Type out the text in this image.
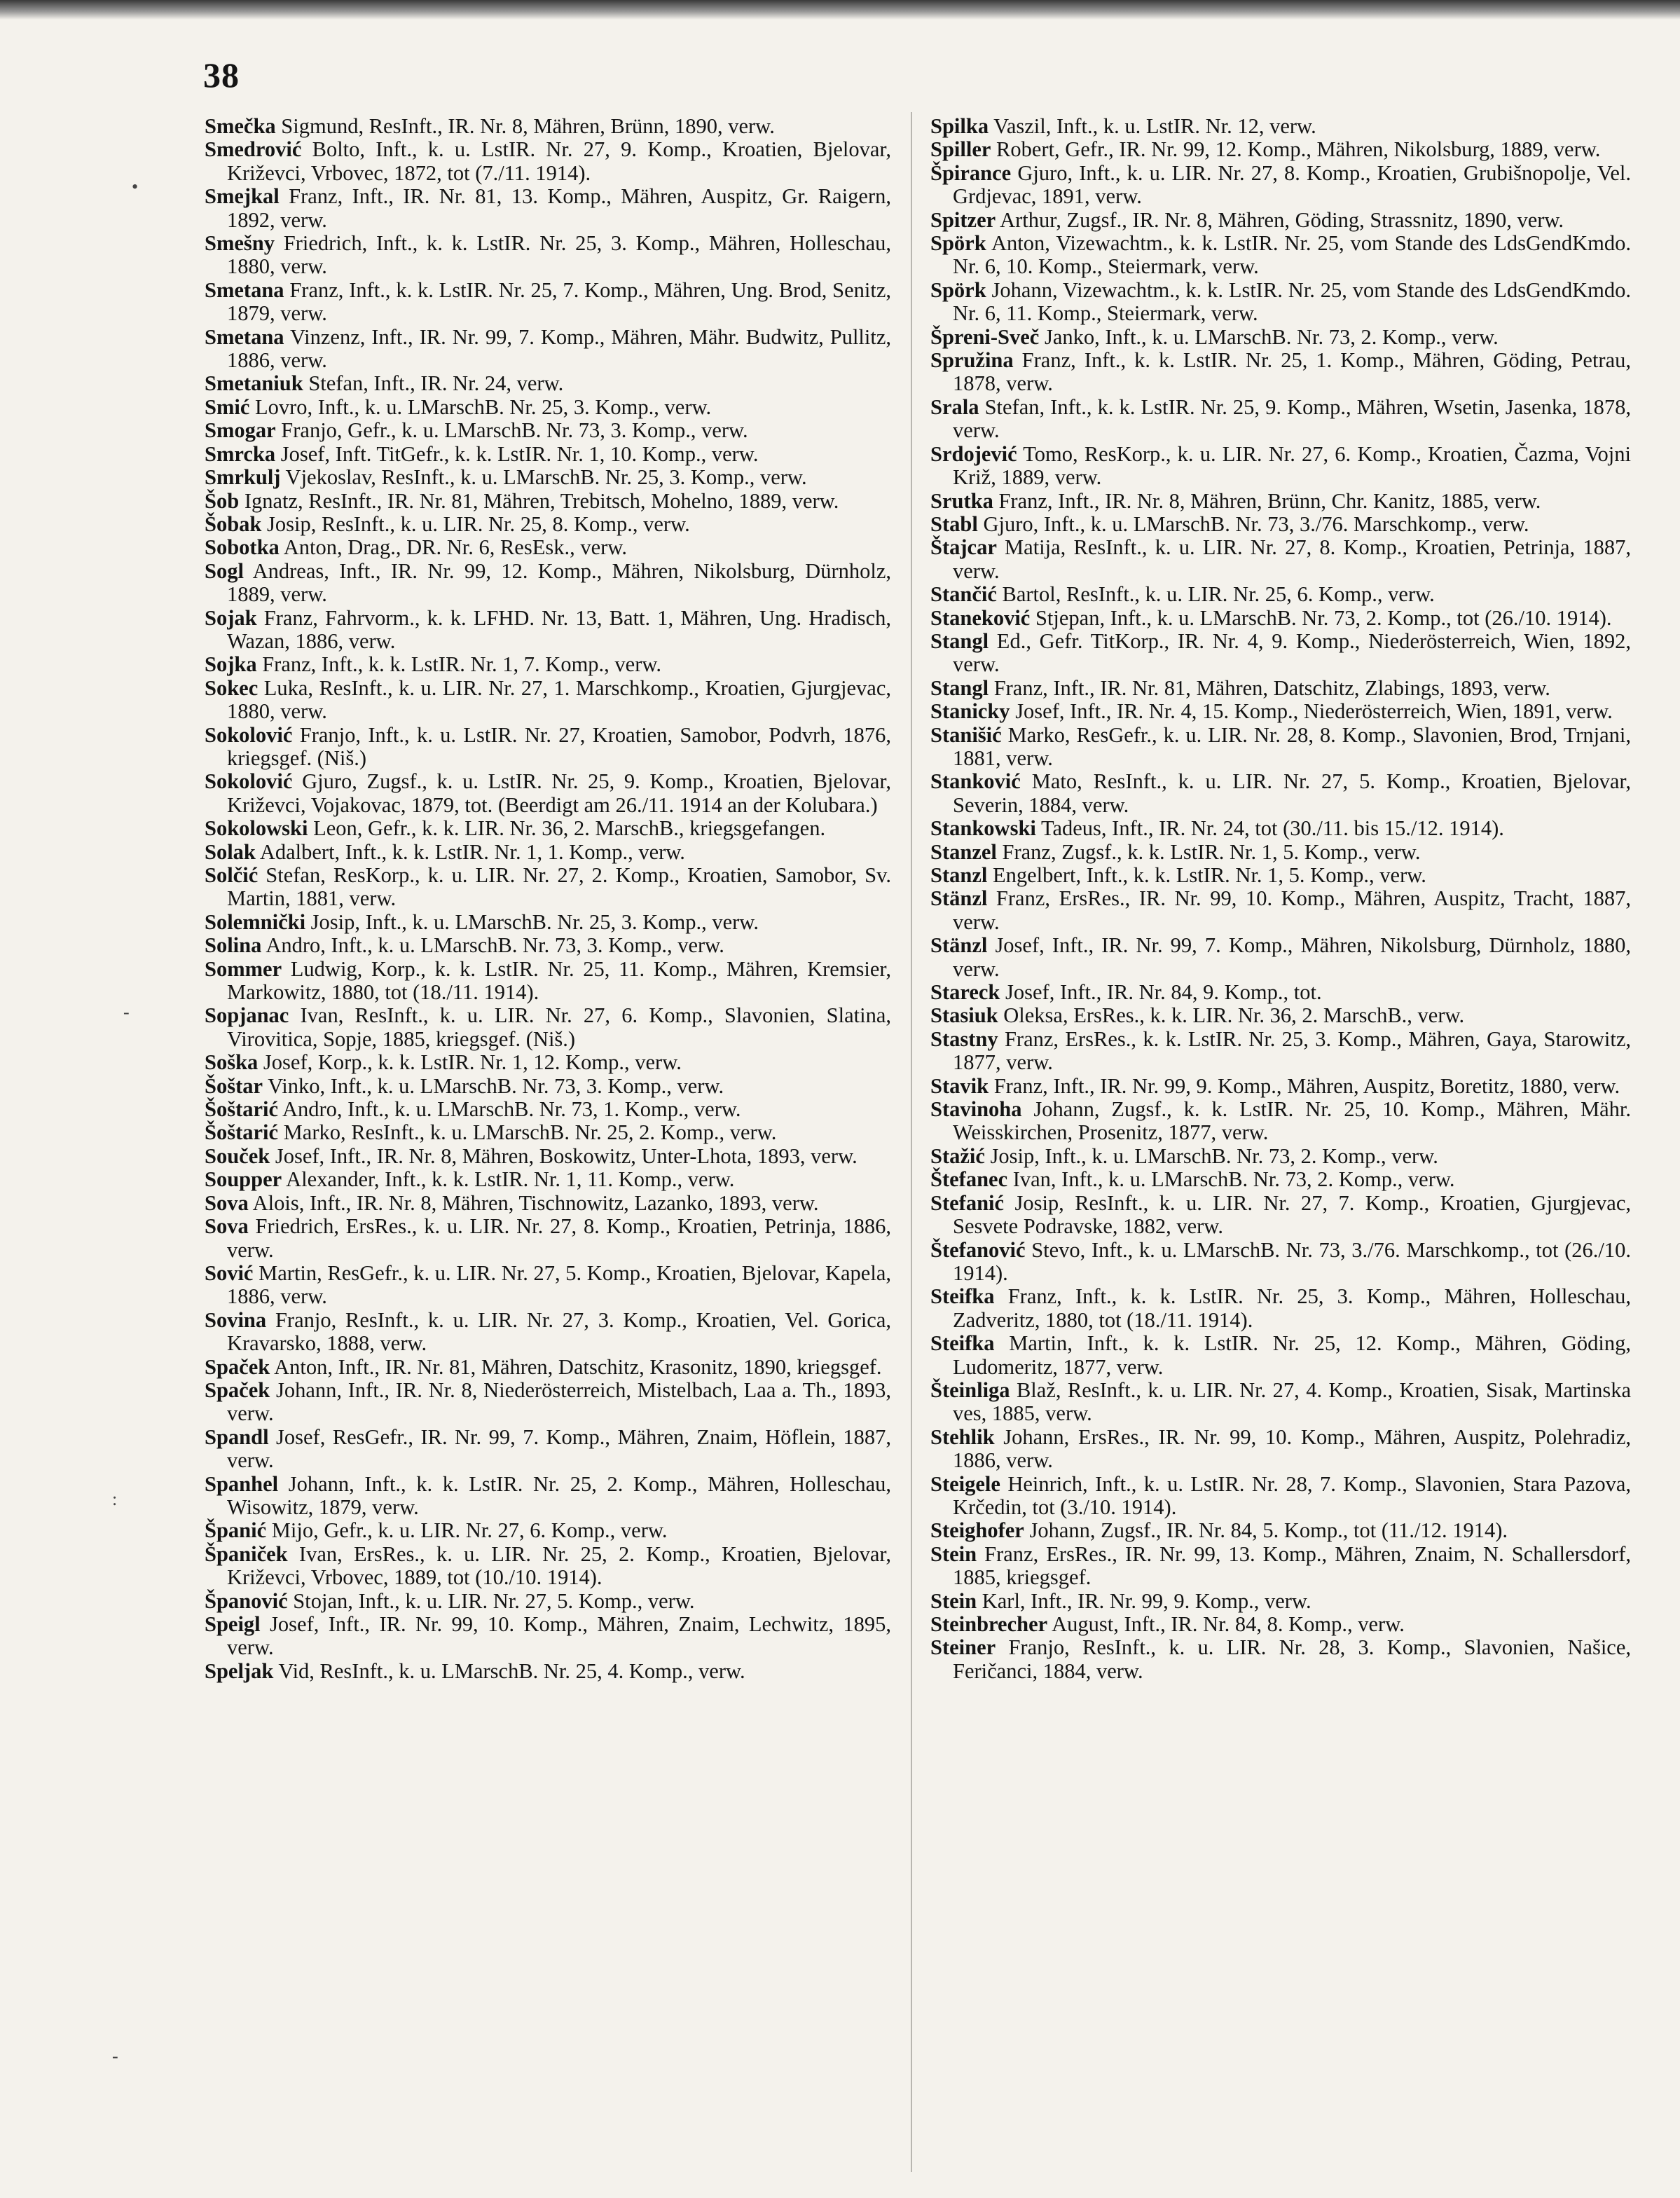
38
•
-
:
-

Smečka Sigmund, ResInft., IR. Nr. 8, Mähren, Brünn, 1890, verw.

Smedrović Bolto, Inft., k. u. LstIR. Nr. 27, 9. Komp., Kroatien, Bjelovar, Križevci, Vrbovec, 1872, tot (7./11. 1914).

Smejkal Franz, Inft., IR. Nr. 81, 13. Komp., Mähren, Auspitz, Gr. Raigern, 1892, verw.

Smešny Friedrich, Inft., k. k. LstIR. Nr. 25, 3. Komp., Mähren, Holleschau, 1880, verw.

Smetana Franz, Inft., k. k. LstIR. Nr. 25, 7. Komp., Mähren, Ung. Brod, Senitz, 1879, verw.

Smetana Vinzenz, Inft., IR. Nr. 99, 7. Komp., Mähren, Mähr. Budwitz, Pullitz, 1886, verw.

Smetaniuk Stefan, Inft., IR. Nr. 24, verw.

Smić Lovro, Inft., k. u. LMarschB. Nr. 25, 3. Komp., verw.

Smogar Franjo, Gefr., k. u. LMarschB. Nr. 73, 3. Komp., verw.

Smrcka Josef, Inft. TitGefr., k. k. LstIR. Nr. 1, 10. Komp., verw.

Smrkulj Vjekoslav, ResInft., k. u. LMarschB. Nr. 25, 3. Komp., verw.

Šob Ignatz, ResInft., IR. Nr. 81, Mähren, Trebitsch, Mohelno, 1889, verw.

Šobak Josip, ResInft., k. u. LIR. Nr. 25, 8. Komp., verw.

Sobotka Anton, Drag., DR. Nr. 6, ResEsk., verw.

Sogl Andreas, Inft., IR. Nr. 99, 12. Komp., Mähren, Nikolsburg, Dürnholz, 1889, verw.

Sojak Franz, Fahrvorm., k. k. LFHD. Nr. 13, Batt. 1, Mähren, Ung. Hradisch, Wazan, 1886, verw.

Sojka Franz, Inft., k. k. LstIR. Nr. 1, 7. Komp., verw.

Sokec Luka, ResInft., k. u. LIR. Nr. 27, 1. Marschkomp., Kroatien, Gjurgjevac, 1880, verw.

Sokolović Franjo, Inft., k. u. LstIR. Nr. 27, Kroatien, Samobor, Podvrh, 1876, kriegsgef. (Niš.)

Sokolović Gjuro, Zugsf., k. u. LstIR. Nr. 25, 9. Komp., Kroatien, Bjelovar, Križevci, Vojakovac, 1879, tot. (Beerdigt am 26./11. 1914 an der Kolubara.)

Sokolowski Leon, Gefr., k. k. LIR. Nr. 36, 2. MarschB., kriegsgefangen.

Solak Adalbert, Inft., k. k. LstIR. Nr. 1, 1. Komp., verw.

Solčić Stefan, ResKorp., k. u. LIR. Nr. 27, 2. Komp., Kroatien, Samobor, Sv. Martin, 1881, verw.

Solemnički Josip, Inft., k. u. LMarschB. Nr. 25, 3. Komp., verw.

Solina Andro, Inft., k. u. LMarschB. Nr. 73, 3. Komp., verw.

Sommer Ludwig, Korp., k. k. LstIR. Nr. 25, 11. Komp., Mähren, Kremsier, Markowitz, 1880, tot (18./11. 1914).

Sopjanac Ivan, ResInft., k. u. LIR. Nr. 27, 6. Komp., Slavonien, Slatina, Virovitica, Sopje, 1885, kriegsgef. (Niš.)

Soška Josef, Korp., k. k. LstIR. Nr. 1, 12. Komp., verw.

Šoštar Vinko, Inft., k. u. LMarschB. Nr. 73, 3. Komp., verw.

Šoštarić Andro, Inft., k. u. LMarschB. Nr. 73, 1. Komp., verw.

Šoštarić Marko, ResInft., k. u. LMarschB. Nr. 25, 2. Komp., verw.

Souček Josef, Inft., IR. Nr. 8, Mähren, Boskowitz, Unter-Lhota, 1893, verw.

Soupper Alexander, Inft., k. k. LstIR. Nr. 1, 11. Komp., verw.

Sova Alois, Inft., IR. Nr. 8, Mähren, Tischnowitz, Lazanko, 1893, verw.

Sova Friedrich, ErsRes., k. u. LIR. Nr. 27, 8. Komp., Kroatien, Petrinja, 1886, verw.

Sović Martin, ResGefr., k. u. LIR. Nr. 27, 5. Komp., Kroatien, Bjelovar, Kapela, 1886, verw.

Sovina Franjo, ResInft., k. u. LIR. Nr. 27, 3. Komp., Kroatien, Vel. Gorica, Kravarsko, 1888, verw.

Spaček Anton, Inft., IR. Nr. 81, Mähren, Datschitz, Krasonitz, 1890, kriegsgef.

Spaček Johann, Inft., IR. Nr. 8, Niederösterreich, Mistelbach, Laa a. Th., 1893, verw.

Spandl Josef, ResGefr., IR. Nr. 99, 7. Komp., Mähren, Znaim, Höflein, 1887, verw.

Spanhel Johann, Inft., k. k. LstIR. Nr. 25, 2. Komp., Mähren, Holleschau, Wisowitz, 1879, verw.

Španić Mijo, Gefr., k. u. LIR. Nr. 27, 6. Komp., verw.

Španiček Ivan, ErsRes., k. u. LIR. Nr. 25, 2. Komp., Kroatien, Bjelovar, Križevci, Vrbovec, 1889, tot (10./10. 1914).

Španović Stojan, Inft., k. u. LIR. Nr. 27, 5. Komp., verw.

Speigl Josef, Inft., IR. Nr. 99, 10. Komp., Mähren, Znaim, Lechwitz, 1895, verw.

Speljak Vid, ResInft., k. u. LMarschB. Nr. 25, 4. Komp., verw.

Spilka Vaszil, Inft., k. u. LstIR. Nr. 12, verw.

Spiller Robert, Gefr., IR. Nr. 99, 12. Komp., Mähren, Nikolsburg, 1889, verw.

Špirance Gjuro, Inft., k. u. LIR. Nr. 27, 8. Komp., Kroatien, Grubišnopolje, Vel. Grdjevac, 1891, verw.

Spitzer Arthur, Zugsf., IR. Nr. 8, Mähren, Göding, Strassnitz, 1890, verw.

Spörk Anton, Vizewachtm., k. k. LstIR. Nr. 25, vom Stande des LdsGendKmdo. Nr. 6, 10. Komp., Steiermark, verw.

Spörk Johann, Vizewachtm., k. k. LstIR. Nr. 25, vom Stande des LdsGendKmdo. Nr. 6, 11. Komp., Steiermark, verw.

Špreni-Sveč Janko, Inft., k. u. LMarschB. Nr. 73, 2. Komp., verw.

Spružina Franz, Inft., k. k. LstIR. Nr. 25, 1. Komp., Mähren, Göding, Petrau, 1878, verw.

Srala Stefan, Inft., k. k. LstIR. Nr. 25, 9. Komp., Mähren, Wsetin, Jasenka, 1878, verw.

Srdojević Tomo, ResKorp., k. u. LIR. Nr. 27, 6. Komp., Kroatien, Čazma, Vojni Križ, 1889, verw.

Srutka Franz, Inft., IR. Nr. 8, Mähren, Brünn, Chr. Kanitz, 1885, verw.

Stabl Gjuro, Inft., k. u. LMarschB. Nr. 73, 3./76. Marschkomp., verw.

Štajcar Matija, ResInft., k. u. LIR. Nr. 27, 8. Komp., Kroatien, Petrinja, 1887, verw.

Stančić Bartol, ResInft., k. u. LIR. Nr. 25, 6. Komp., verw.

Staneković Stjepan, Inft., k. u. LMarschB. Nr. 73, 2. Komp., tot (26./10. 1914).

Stangl Ed., Gefr. TitKorp., IR. Nr. 4, 9. Komp., Niederösterreich, Wien, 1892, verw.

Stangl Franz, Inft., IR. Nr. 81, Mähren, Datschitz, Zlabings, 1893, verw.

Stanicky Josef, Inft., IR. Nr. 4, 15. Komp., Niederösterreich, Wien, 1891, verw.

Stanišić Marko, ResGefr., k. u. LIR. Nr. 28, 8. Komp., Slavonien, Brod, Trnjani, 1881, verw.

Stanković Mato, ResInft., k. u. LIR. Nr. 27, 5. Komp., Kroatien, Bjelovar, Severin, 1884, verw.

Stankowski Tadeus, Inft., IR. Nr. 24, tot (30./11. bis 15./12. 1914).

Stanzel Franz, Zugsf., k. k. LstIR. Nr. 1, 5. Komp., verw.

Stanzl Engelbert, Inft., k. k. LstIR. Nr. 1, 5. Komp., verw.

Stänzl Franz, ErsRes., IR. Nr. 99, 10. Komp., Mähren, Auspitz, Tracht, 1887, verw.

Stänzl Josef, Inft., IR. Nr. 99, 7. Komp., Mähren, Nikolsburg, Dürnholz, 1880, verw.

Stareck Josef, Inft., IR. Nr. 84, 9. Komp., tot.

Stasiuk Oleksa, ErsRes., k. k. LIR. Nr. 36, 2. MarschB., verw.

Stastny Franz, ErsRes., k. k. LstIR. Nr. 25, 3. Komp., Mähren, Gaya, Starowitz, 1877, verw.

Stavik Franz, Inft., IR. Nr. 99, 9. Komp., Mähren, Auspitz, Boretitz, 1880, verw.

Stavinoha Johann, Zugsf., k. k. LstIR. Nr. 25, 10. Komp., Mähren, Mähr. Weisskirchen, Prosenitz, 1877, verw.

Stažić Josip, Inft., k. u. LMarschB. Nr. 73, 2. Komp., verw.

Štefanec Ivan, Inft., k. u. LMarschB. Nr. 73, 2. Komp., verw.

Stefanić Josip, ResInft., k. u. LIR. Nr. 27, 7. Komp., Kroatien, Gjurgjevac, Sesvete Podravske, 1882, verw.

Štefanović Stevo, Inft., k. u. LMarschB. Nr. 73, 3./76. Marschkomp., tot (26./10. 1914).

Steifka Franz, Inft., k. k. LstIR. Nr. 25, 3. Komp., Mähren, Holleschau, Zadveritz, 1880, tot (18./11. 1914).

Steifka Martin, Inft., k. k. LstIR. Nr. 25, 12. Komp., Mähren, Göding, Ludomeritz, 1877, verw.

Šteinliga Blaž, ResInft., k. u. LIR. Nr. 27, 4. Komp., Kroatien, Sisak, Martinska ves, 1885, verw.

Stehlik Johann, ErsRes., IR. Nr. 99, 10. Komp., Mähren, Auspitz, Polehradiz, 1886, verw.

Steigele Heinrich, Inft., k. u. LstIR. Nr. 28, 7. Komp., Slavonien, Stara Pazova, Krčedin, tot (3./10. 1914).

Steighofer Johann, Zugsf., IR. Nr. 84, 5. Komp., tot (11./12. 1914).

Stein Franz, ErsRes., IR. Nr. 99, 13. Komp., Mähren, Znaim, N. Schallersdorf, 1885, kriegsgef.

Stein Karl, Inft., IR. Nr. 99, 9. Komp., verw.

Steinbrecher August, Inft., IR. Nr. 84, 8. Komp., verw.

Steiner Franjo, ResInft., k. u. LIR. Nr. 28, 3. Komp., Slavonien, Našice, Feričanci, 1884, verw.
